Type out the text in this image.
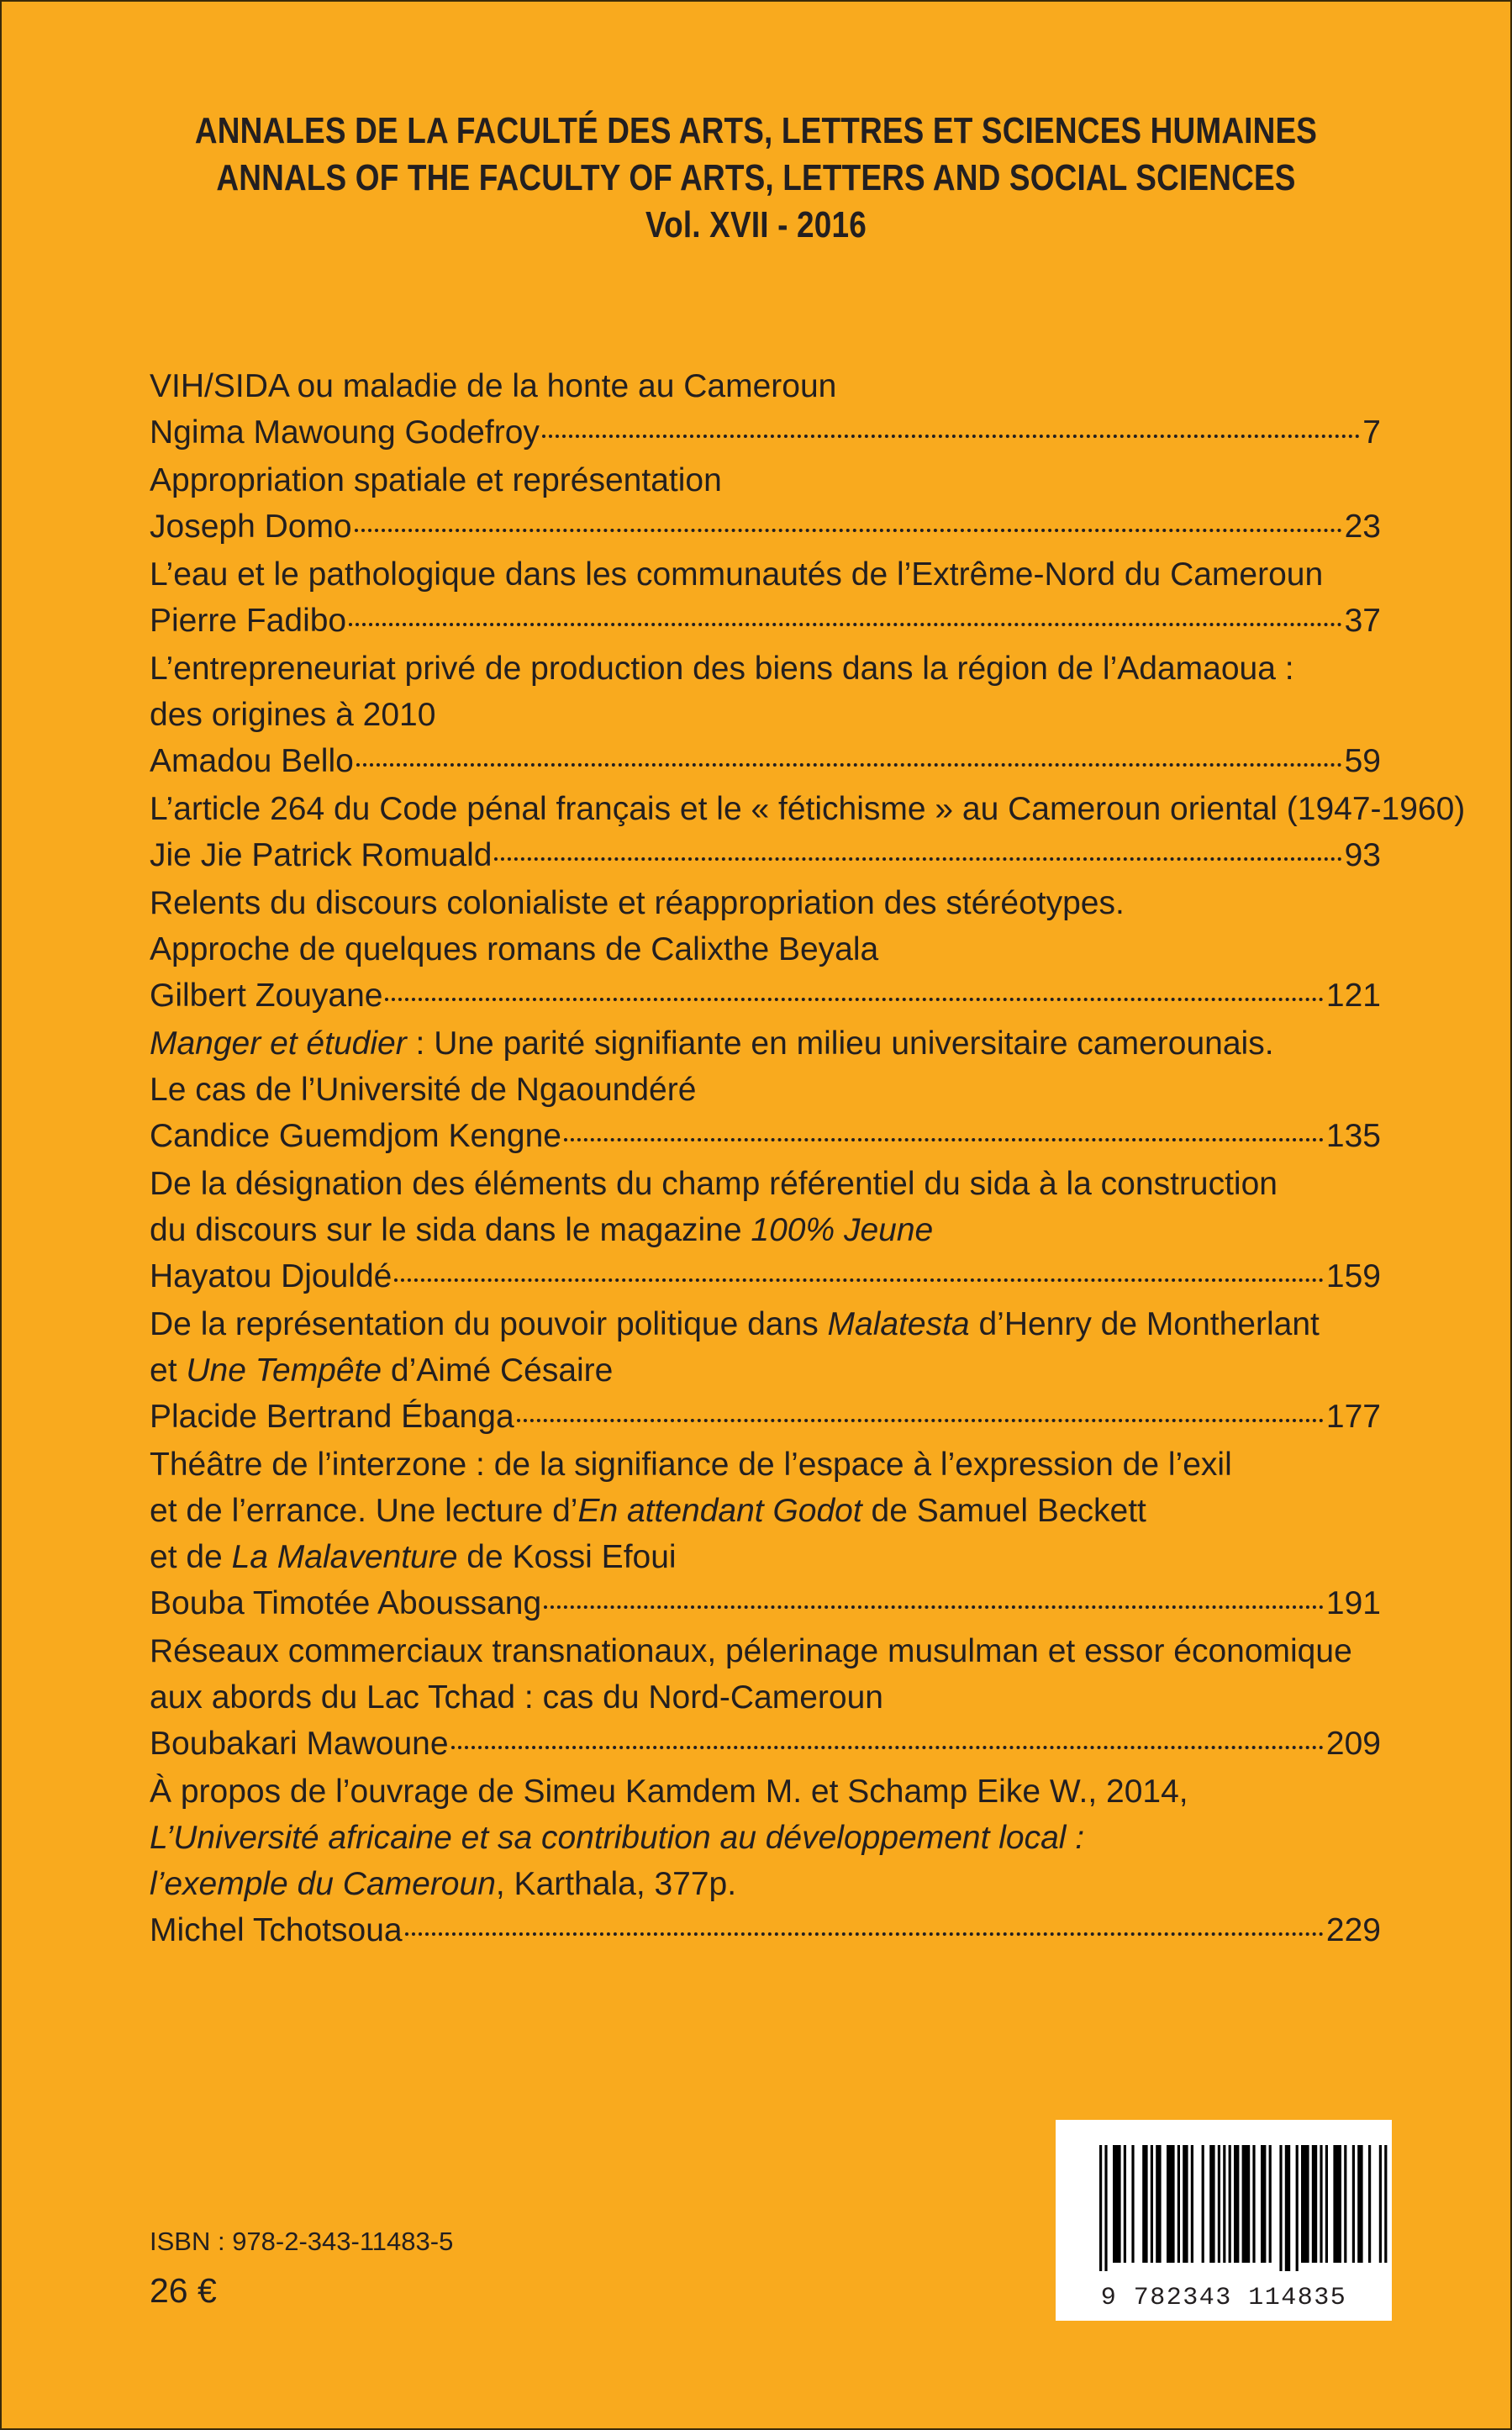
ANNALES DE LA FACULTÉ DES ARTS, LETTRES ET SCIENCES HUMAINES
ANNALS OF THE FACULTY OF ARTS, LETTERS AND SOCIAL SCIENCES
Vol. XVII - 2016
VIH/SIDA ou maladie de la honte au Cameroun
Ngima Mawoung Godefroy	7
Appropriation spatiale et représentation
Joseph Domo	23
L’eau et le pathologique dans les communautés de l’Extrême-Nord du Cameroun
Pierre Fadibo	37
L’entrepreneuriat privé de production des biens dans la région de l’Adamaoua :
des origines à 2010
Amadou Bello	59
L’article 264 du Code pénal français et le « fétichisme » au Cameroun oriental (1947-1960)
Jie Jie Patrick Romuald	93
Relents du discours colonialiste et réappropriation des stéréotypes.
Approche de quelques romans de Calixthe Beyala
Gilbert Zouyane	121
Manger et étudier : Une parité signifiante en milieu universitaire camerounais.
Le cas de l’Université de Ngaoundéré
Candice Guemdjom Kengne	135
De la désignation des éléments du champ référentiel du sida à la construction
du discours sur le sida dans le magazine 100% Jeune
Hayatou Djouldé	159
De la représentation du pouvoir politique dans Malatesta d’Henry de Montherlant
et Une Tempête d’Aimé Césaire
Placide Bertrand Ébanga	177
Théâtre de l’interzone : de la signifiance de l’espace à l’expression de l’exil
et de l’errance. Une lecture d’En attendant Godot de Samuel Beckett
et de La Malaventure de Kossi Efoui
Bouba Timotée Aboussang	191
Réseaux commerciaux transnationaux, pélerinage musulman et essor économique
aux abords du Lac Tchad : cas du Nord-Cameroun
Boubakari Mawoune	209
À propos de l’ouvrage de Simeu Kamdem M. et Schamp Eike W., 2014,
L’Université africaine et sa contribution au développement local :
l’exemple du Cameroun, Karthala, 377p.
Michel Tchotsoua	229
ISBN : 978-2-343-11483-5
26 €	9 782343 114835
